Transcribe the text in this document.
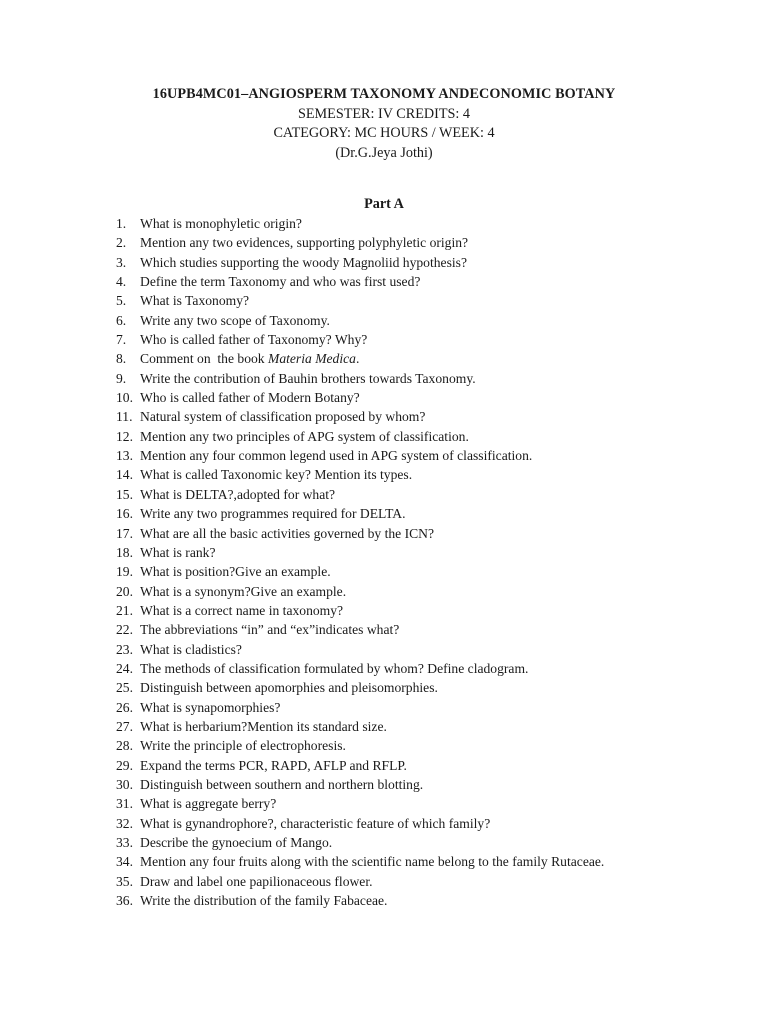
16UPB4MC01–ANGIOSPERM TAXONOMY ANDECONOMIC BOTANY
SEMESTER: IV CREDITS: 4
CATEGORY: MC HOURS / WEEK: 4
(Dr.G.Jeya Jothi)
Part A
1.	What is monophyletic origin?
2.	Mention any two evidences, supporting polyphyletic origin?
3.	Which studies supporting the woody Magnoliid hypothesis?
4.	Define the term Taxonomy and who was first used?
5.	What is Taxonomy?
6.	Write any two scope of Taxonomy.
7.	Who is called father of Taxonomy? Why?
8.	Comment on  the book Materia Medica.
9.	Write the contribution of Bauhin brothers towards Taxonomy.
10. Who is called father of Modern Botany?
11. Natural system of classification proposed by whom?
12. Mention any two principles of APG system of classification.
13. Mention any four common legend used in APG system of classification.
14. What is called Taxonomic key? Mention its types.
15. What is DELTA?,adopted for what?
16. Write any two programmes required for DELTA.
17. What are all the basic activities governed by the ICN?
18. What is rank?
19. What is position?Give an example.
20. What is a synonym?Give an example.
21. What is a correct name in taxonomy?
22. The abbreviations “in” and “ex”indicates what?
23. What is cladistics?
24. The methods of classification formulated by whom? Define cladogram.
25. Distinguish between apomorphies and pleisomorphies.
26. What is synapomorphies?
27. What is herbarium?Mention its standard size.
28. Write the principle of electrophoresis.
29. Expand the terms PCR, RAPD, AFLP and RFLP.
30. Distinguish between southern and northern blotting.
31. What is aggregate berry?
32. What is gynandrophore?, characteristic feature of which family?
33. Describe the gynoecium of Mango.
34. Mention any four fruits along with the scientific name belong to the family Rutaceae.
35. Draw and label one papilionaceous flower.
36. Write the distribution of the family Fabaceae.
